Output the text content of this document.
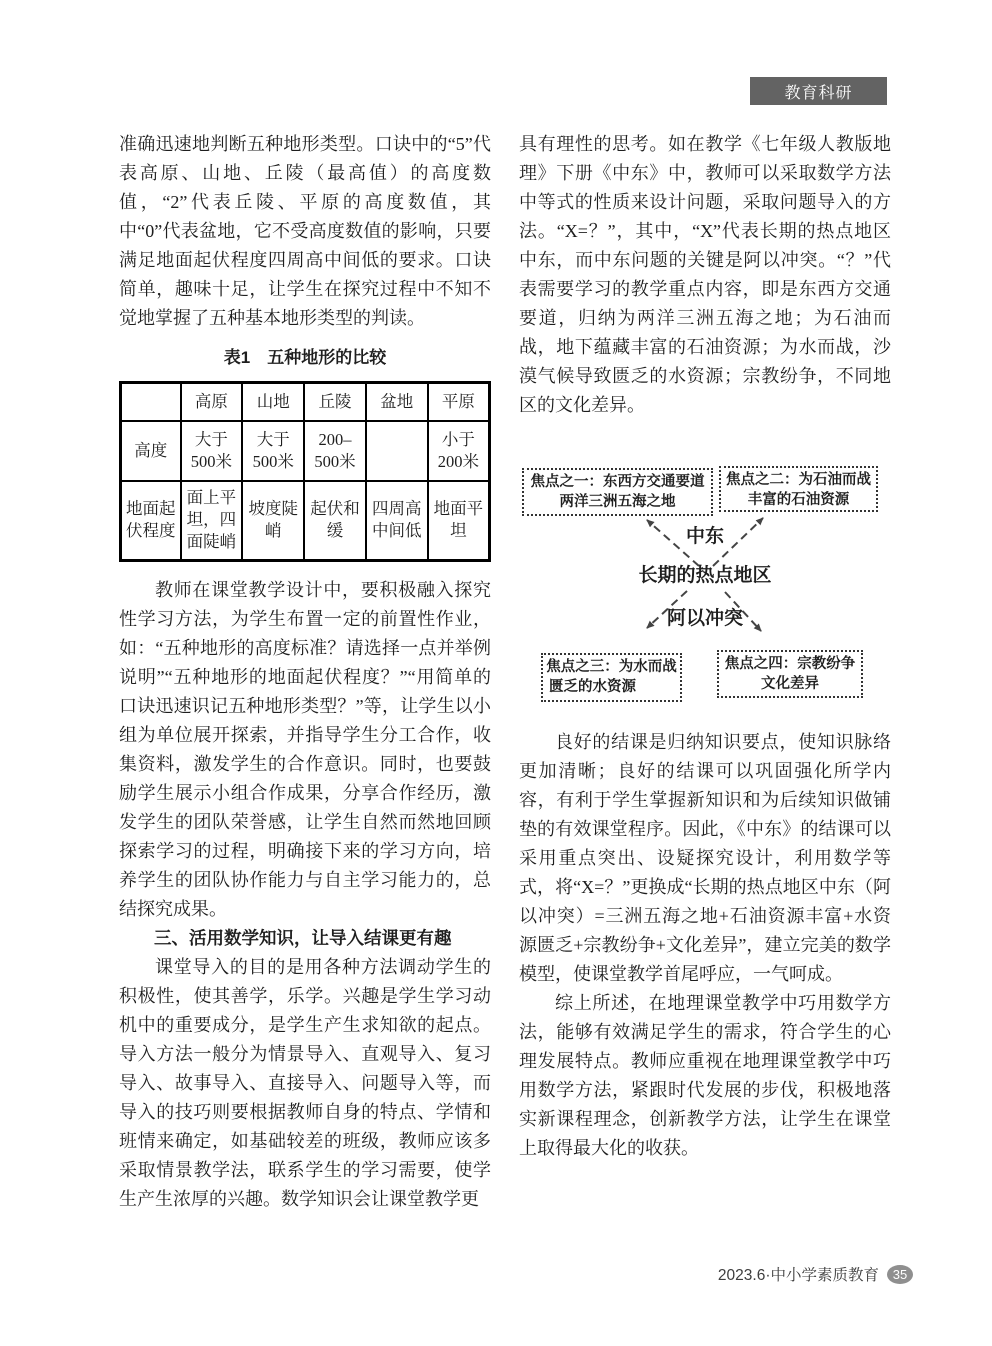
教育科研

准确迅速地判断五种地形类型。口诀中的“5”代表高原、山地、丘陵（最高值）的高度数值，“2”代表丘陵、平原的高度数值，其中“0”代表盆地，它不受高度数值的影响，只要满足地面起伏程度四周高中间低的要求。口诀简单，趣味十足，让学生在探究过程中不知不觉地掌握了五种基本地形类型的判读。

表1　五种地形的比较
	高原	山地	丘陵	盆地	平原
高度	大于500米	大于500米	200–500米		小于200米
地面起伏程度	面上平坦，四面陡峭	坡度陡峭	起伏和缓	四周高中间低	地面平坦

教师在课堂教学设计中，要积极融入探究性学习方法，为学生布置一定的前置性作业，如：“五种地形的高度标准？请选择一点并举例说明”“五种地形的地面起伏程度？”“用简单的口诀迅速识记五种地形类型？”等，让学生以小组为单位展开探索，并指导学生分工合作，收集资料，激发学生的合作意识。同时，也要鼓励学生展示小组合作成果，分享合作经历，激发学生的团队荣誉感，让学生自然而然地回顾探索学习的过程，明确接下来的学习方向，培养学生的团队协作能力与自主学习能力的，总结探究成果。

三、活用数学知识，让导入结课更有趣

课堂导入的目的是用各种方法调动学生的积极性，使其善学，乐学。兴趣是学生学习动机中的重要成分，是学生产生求知欲的起点。导入方法一般分为情景导入、直观导入、复习导入、故事导入、直接导入、问题导入等，而导入的技巧则要根据教师自身的特点、学情和班情来确定，如基础较差的班级，教师应该多采取情景教学法，联系学生的学习需要，使学生产生浓厚的兴趣。数学知识会让课堂教学更

具有理性的思考。如在教学《七年级人教版地理》下册《中东》中，教师可以采取数学方法中等式的性质来设计问题，采取问题导入的方法。“X=？”，其中，“X”代表长期的热点地区中东，而中东问题的关键是阿以冲突。“？”代表需要学习的教学重点内容，即是东西方交通要道，归纳为两洋三洲五海之地；为石油而战，地下蕴藏丰富的石油资源；为水而战，沙漠气候导致匮乏的水资源；宗教纷争，不同地区的文化差异。

焦点之一：东西方交通要道
两洋三洲五海之地
焦点之二：为石油而战
丰富的石油资源
焦点之三：为水而战
匮乏的水资源
焦点之四：宗教纷争
文化差异
中东
长期的热点地区
阿以冲突

良好的结课是归纳知识要点，使知识脉络更加清晰；良好的结课可以巩固强化所学内容，有利于学生掌握新知识和为后续知识做铺垫的有效课堂程序。因此，《中东》的结课可以采用重点突出、设疑探究设计，利用数学等式，将“X=？”更换成“长期的热点地区中东（阿以冲突）=三洲五海之地+石油资源丰富+水资源匮乏+宗教纷争+文化差异”，建立完美的数学模型，使课堂教学首尾呼应，一气呵成。

综上所述，在地理课堂教学中巧用数学方法，能够有效满足学生的需求，符合学生的心理发展特点。教师应重视在地理课堂教学中巧用数学方法，紧跟时代发展的步伐，积极地落实新课程理念，创新教学方法，让学生在课堂上取得最大化的收获。

2023.6·中小学素质教育	35
